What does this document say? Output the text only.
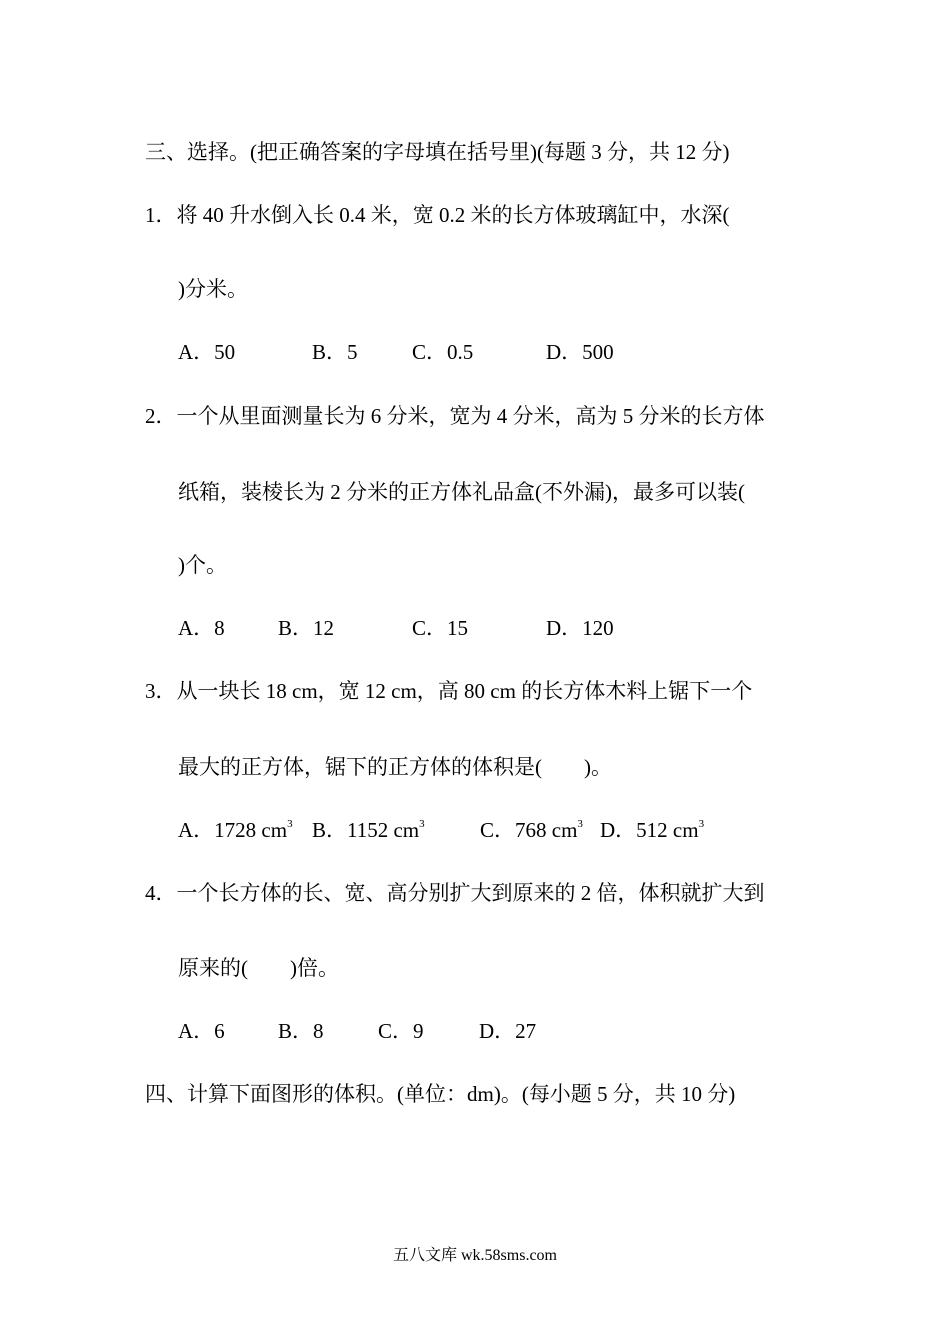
三、选择。(把正确答案的字母填在括号里)(每题 3 分，共 12 分)
1．将 40 升水倒入长 0.4 米，宽 0.2 米的长方体玻璃缸中，水深(
)分米。
A．50	B．5	C．0.5	D．500
2．一个从里面测量长为 6 分米，宽为 4 分米，高为 5 分米的长方体
纸箱，装棱长为 2 分米的正方体礼品盒(不外漏)，最多可以装(
)个。
A．8	B．12	C．15	D．120
3．从一块长 18 cm，宽 12 cm，高 80 cm 的长方体木料上锯下一个
最大的正方体，锯下的正方体的体积是(　　)。
A．1728 $cm^3$ B．1152 $cm^3$	C．768 $cm^3$ D．512 $cm^3$
4．一个长方体的长、宽、高分别扩大到原来的 2 倍，体积就扩大到
原来的(　　)倍。
A．6	B．8	C．9	D．27
四、计算下面图形的体积。(单位：dm)。(每小题 5 分，共 10 分)
五八文库 wk.58sms.com
